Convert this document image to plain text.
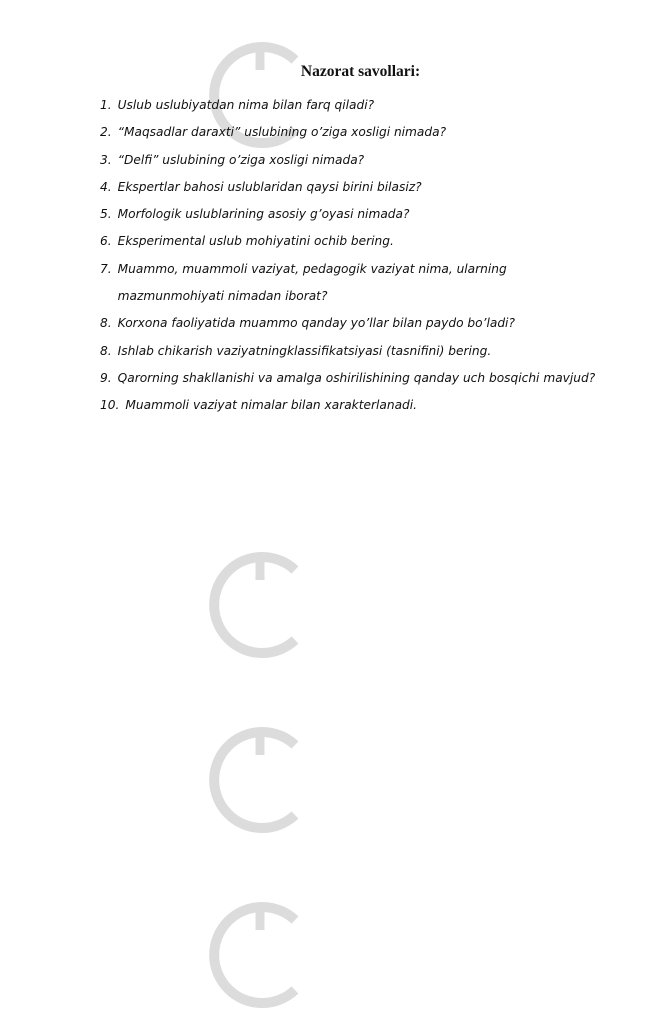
Nazorat savollari:
1. Uslub uslubiyatdan nima bilan farq qiladi?
2. “Maqsadlar daraxti” uslubining o’ziga xosligi nimada?
3. “Delfi” uslubining o’ziga xosligi nimada?
4. Ekspertlar bahosi uslublaridan qaysi birini bilasiz?
5. Morfologik uslublarining asosiy g’oyasi nimada?
6. Eksperimental uslub mohiyatini ochib bering.
7. Muammo, muammoli vaziyat, pedagogik vaziyat nima, ularning mazmunmohiyati nimadan iborat?
8. Korxona faoliyatida muammo qanday yo’llar bilan paydo bo’ladi?
8. Ishlab chikarish vaziyatningklassifikatsiyasi (tasnifini) bering.
9. Qarorning shakllanishi va amalga oshirilishining qanday uch bosqichi mavjud?
10. Muammoli vaziyat nimalar bilan xarakterlanadi.
